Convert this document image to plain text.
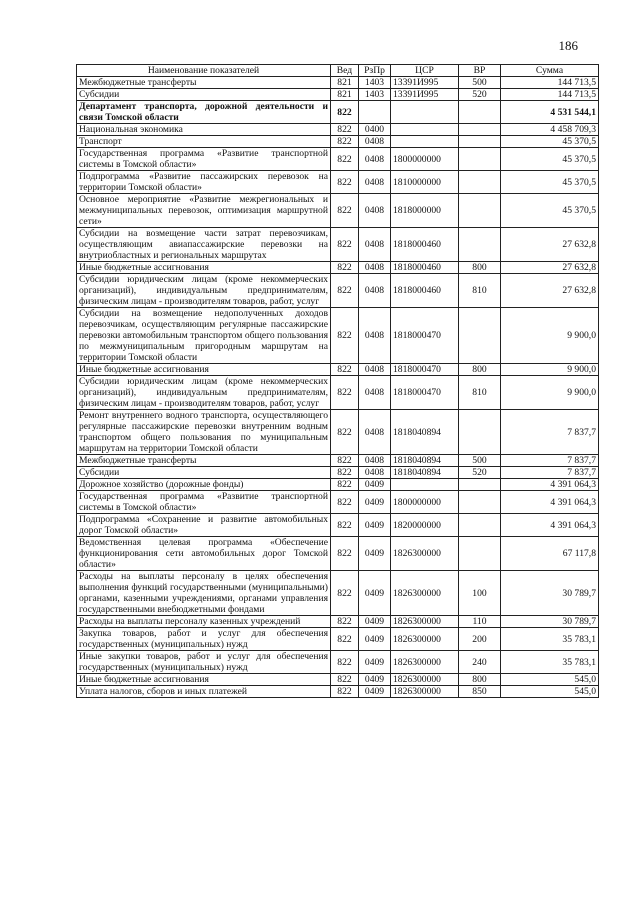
186
Наименование показателей	Вед	РзПр	ЦСР	ВР	Сумма
Межбюджетные трансферты	821	1403	13391И995	500	144 713,5
Субсидии	821	1403	13391И995	520	144 713,5
Департамент транспорта, дорожной деятельности и связи Томской области	822				4 531 544,1
Национальная экономика	822	0400			4 458 709,3
Транспорт	822	0408			45 370,5
Государственная программа «Развитие транспортной системы в Томской области»	822	0408	1800000000		45 370,5
Подпрограмма «Развитие пассажирских перевозок на территории Томской области»	822	0408	1810000000		45 370,5
Основное мероприятие «Развитие межрегиональных и межмуниципальных перевозок, оптимизация маршрутной сети»	822	0408	1818000000		45 370,5
Субсидии на возмещение части затрат перевозчикам, осуществляющим авиапассажирские перевозки на внутриобластных и региональных маршрутах	822	0408	1818000460		27 632,8
Иные бюджетные ассигнования	822	0408	1818000460	800	27 632,8
Субсидии юридическим лицам (кроме некоммерческих организаций), индивидуальным предпринимателям, физическим лицам - производителям товаров, работ, услуг	822	0408	1818000460	810	27 632,8
Субсидии на возмещение недополученных доходов перевозчикам, осуществляющим регулярные пассажирские перевозки автомобильным транспортом общего пользования по межмуниципальным пригородным маршрутам на территории Томской области	822	0408	1818000470		9 900,0
Иные бюджетные ассигнования	822	0408	1818000470	800	9 900,0
Субсидии юридическим лицам (кроме некоммерческих организаций), индивидуальным предпринимателям, физическим лицам - производителям товаров, работ, услуг	822	0408	1818000470	810	9 900,0
Ремонт внутреннего водного транспорта, осуществляющего регулярные пассажирские перевозки внутренним водным транспортом общего пользования по муниципальным маршрутам на территории Томской области	822	0408	1818040894		7 837,7
Межбюджетные трансферты	822	0408	1818040894	500	7 837,7
Субсидии	822	0408	1818040894	520	7 837,7
Дорожное хозяйство (дорожные фонды)	822	0409			4 391 064,3
Государственная программа «Развитие транспортной системы в Томской области»	822	0409	1800000000		4 391 064,3
Подпрограмма «Сохранение и развитие автомобильных дорог Томской области»	822	0409	1820000000		4 391 064,3
Ведомственная целевая программа «Обеспечение функционирования сети автомобильных дорог Томской области»	822	0409	1826300000		67 117,8
Расходы на выплаты персоналу в целях обеспечения выполнения функций государственными (муниципальными) органами, казенными учреждениями, органами управления государственными внебюджетными фондами	822	0409	1826300000	100	30 789,7
Расходы на выплаты персоналу казенных учреждений	822	0409	1826300000	110	30 789,7
Закупка товаров, работ и услуг для обеспечения государственных (муниципальных) нужд	822	0409	1826300000	200	35 783,1
Иные закупки товаров, работ и услуг для обеспечения государственных (муниципальных) нужд	822	0409	1826300000	240	35 783,1
Иные бюджетные ассигнования	822	0409	1826300000	800	545,0
Уплата налогов, сборов и иных платежей	822	0409	1826300000	850	545,0
